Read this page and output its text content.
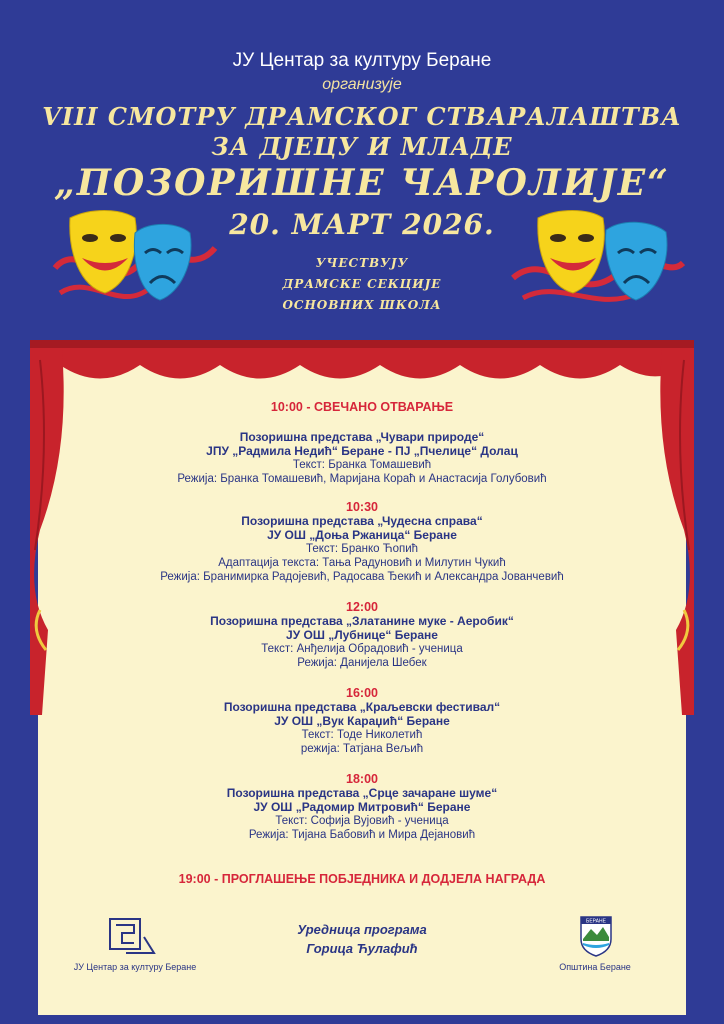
ЈУ Центар за културу Беране
организује
VIII СМОТРУ ДРАМСКОГ СТВАРАЛАШТВА
ЗА ДЈЕЦУ И МЛАДЕ
„ПОЗОРИШНЕ ЧАРОЛИЈЕ“
20. МАРТ 2026.
УЧЕСТВУЈУ
ДРАМСКЕ СЕКЦИЈЕ
ОСНОВНИХ ШКОЛА
10:00 - СВЕЧАНО ОТВАРАЊЕ
Позоришна представа „Чувари природе“
ЈПУ „Радмила Недић“ Беране - ПЈ „Пчелице“ Долац
Текст: Бранка Томашевић
Режија: Бранка Томашевић, Маријана Кораћ и Анастасија Голубовић
10:30
Позоришна представа „Чудесна справа“
ЈУ ОШ „Доња Ржаница“ Беране
Текст: Бранко Ћопић
Адаптација текста: Тања Радуновић и Милутин Чукић
Режија: Бранимирка Радојевић, Радосава Ђекић и Александра Јованчевић
12:00
Позоришна представа „Златанине муке - Аеробик“
ЈУ ОШ „Лубнице“ Беране
Текст: Анђелија Обрадовић - ученица
Режија: Данијела Шебек
16:00
Позоришна представа „Краљевски фестивал“
ЈУ ОШ „Вук Караџић“ Беране
Текст: Тоде Николетић
режија: Татјана Вељић
18:00
Позоришна представа „Срце зачаране шуме“
ЈУ ОШ „Радомир Митровић“ Беране
Текст: Софија Вујовић - ученица
Режија: Тијана Бабовић и Мира Дејановић
19:00 - ПРОГЛАШЕЊЕ ПОБЈЕДНИКА И ДОДЈЕЛА НАГРАДА
ЈУ Центар за културу Беране
Уредница програма
Горица Ћулафић
БЕРАНЕ
Општина Беране
